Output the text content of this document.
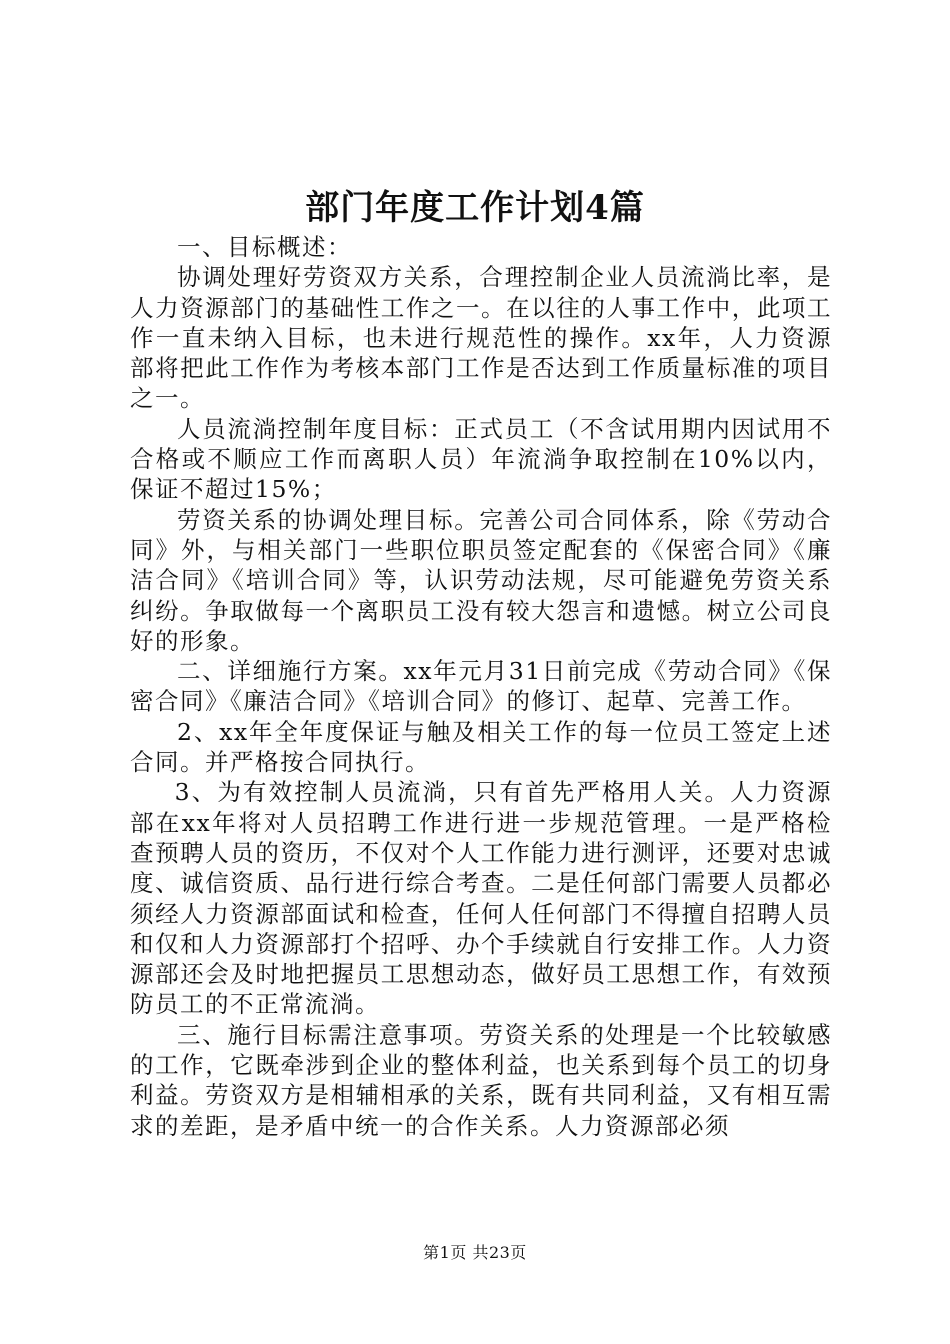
部门年度工作计划4篇

一、目标概述：

协调处理好劳资双方关系，合理控制企业人员流淌比率，是人力资源部门的基础性工作之一。在以往的人事工作中，此项工作一直未纳入目标，也未进行规范性的操作。xx年，人力资源部将把此工作作为考核本部门工作是否达到工作质量标准的项目之一。

人员流淌控制年度目标：正式员工（不含试用期内因试用不合格或不顺应工作而离职人员）年流淌争取控制在10%以内，保证不超过15%；

劳资关系的协调处理目标。完善公司合同体系，除《劳动合同》外，与相关部门一些职位职员签定配套的《保密合同》《廉洁合同》《培训合同》等，认识劳动法规，尽可能避免劳资关系纠纷。争取做每一个离职员工没有较大怨言和遗憾。树立公司良好的形象。

二、详细施行方案。xx年元月31日前完成《劳动合同》《保密合同》《廉洁合同》《培训合同》的修订、起草、完善工作。

2、xx年全年度保证与触及相关工作的每一位员工签定上述合同。并严格按合同执行。

3、为有效控制人员流淌，只有首先严格用人关。人力资源部在xx年将对人员招聘工作进行进一步规范管理。一是严格检查预聘人员的资历，不仅对个人工作能力进行测评，还要对忠诚度、诚信资质、品行进行综合考查。二是任何部门需要人员都必须经人力资源部面试和检查，任何人任何部门不得擅自招聘人员和仅和人力资源部打个招呼、办个手续就自行安排工作。人力资源部还会及时地把握员工思想动态，做好员工思想工作，有效预防员工的不正常流淌。

三、施行目标需注意事项。劳资关系的处理是一个比较敏感的工作，它既牵涉到企业的整体利益，也关系到每个员工的切身利益。劳资双方是相辅相承的关系，既有共同利益，又有相互需求的差距，是矛盾中统一的合作关系。人力资源部必须

第1页 共23页
